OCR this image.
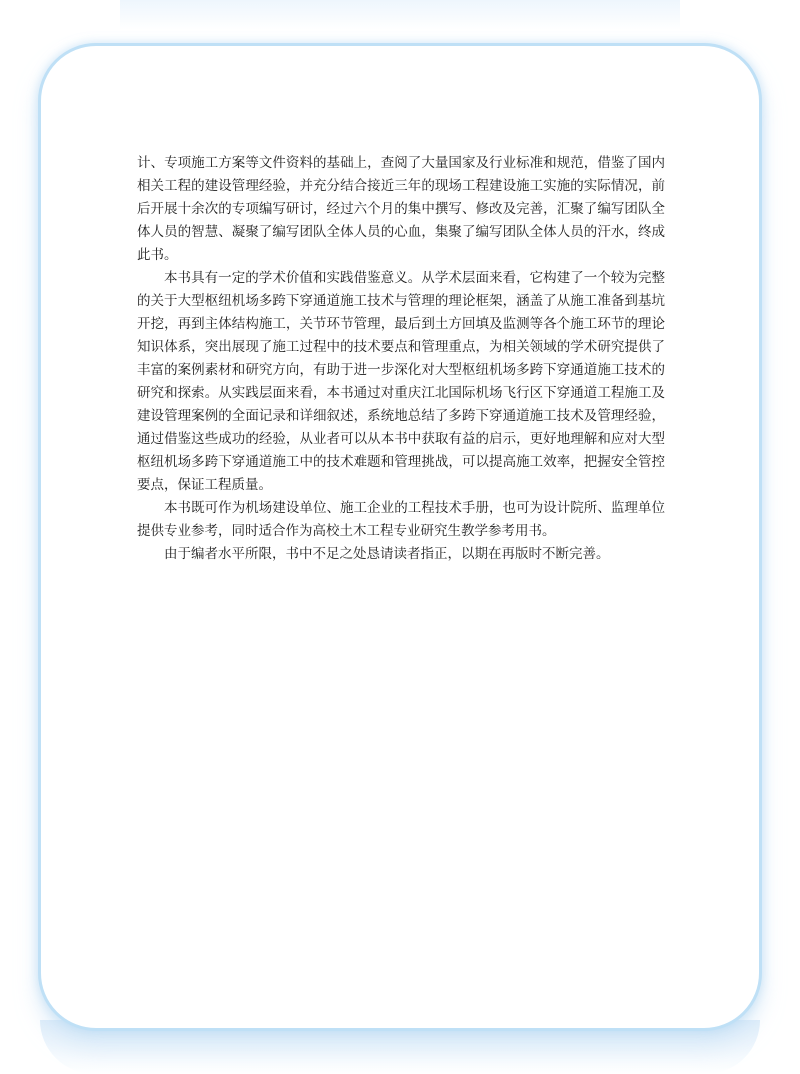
计、专项施工方案等文件资料的基础上，查阅了大量国家及行业标准和规范，借鉴了国内
相关工程的建设管理经验，并充分结合接近三年的现场工程建设施工实施的实际情况，前
后开展十余次的专项编写研讨，经过六个月的集中撰写、修改及完善，汇聚了编写团队全
体人员的智慧、凝聚了编写团队全体人员的心血，集聚了编写团队全体人员的汗水，终成
此书。
本书具有一定的学术价值和实践借鉴意义。从学术层面来看，它构建了一个较为完整
的关于大型枢纽机场多跨下穿通道施工技术与管理的理论框架，涵盖了从施工准备到基坑
开挖，再到主体结构施工，关节环节管理，最后到土方回填及监测等各个施工环节的理论
知识体系，突出展现了施工过程中的技术要点和管理重点，为相关领域的学术研究提供了
丰富的案例素材和研究方向，有助于进一步深化对大型枢纽机场多跨下穿通道施工技术的
研究和探索。从实践层面来看，本书通过对重庆江北国际机场飞行区下穿通道工程施工及
建设管理案例的全面记录和详细叙述，系统地总结了多跨下穿通道施工技术及管理经验，
通过借鉴这些成功的经验，从业者可以从本书中获取有益的启示，更好地理解和应对大型
枢纽机场多跨下穿通道施工中的技术难题和管理挑战，可以提高施工效率，把握安全管控
要点，保证工程质量。
本书既可作为机场建设单位、施工企业的工程技术手册，也可为设计院所、监理单位
提供专业参考，同时适合作为高校土木工程专业研究生教学参考用书。
由于编者水平所限，书中不足之处恳请读者指正，以期在再版时不断完善。
